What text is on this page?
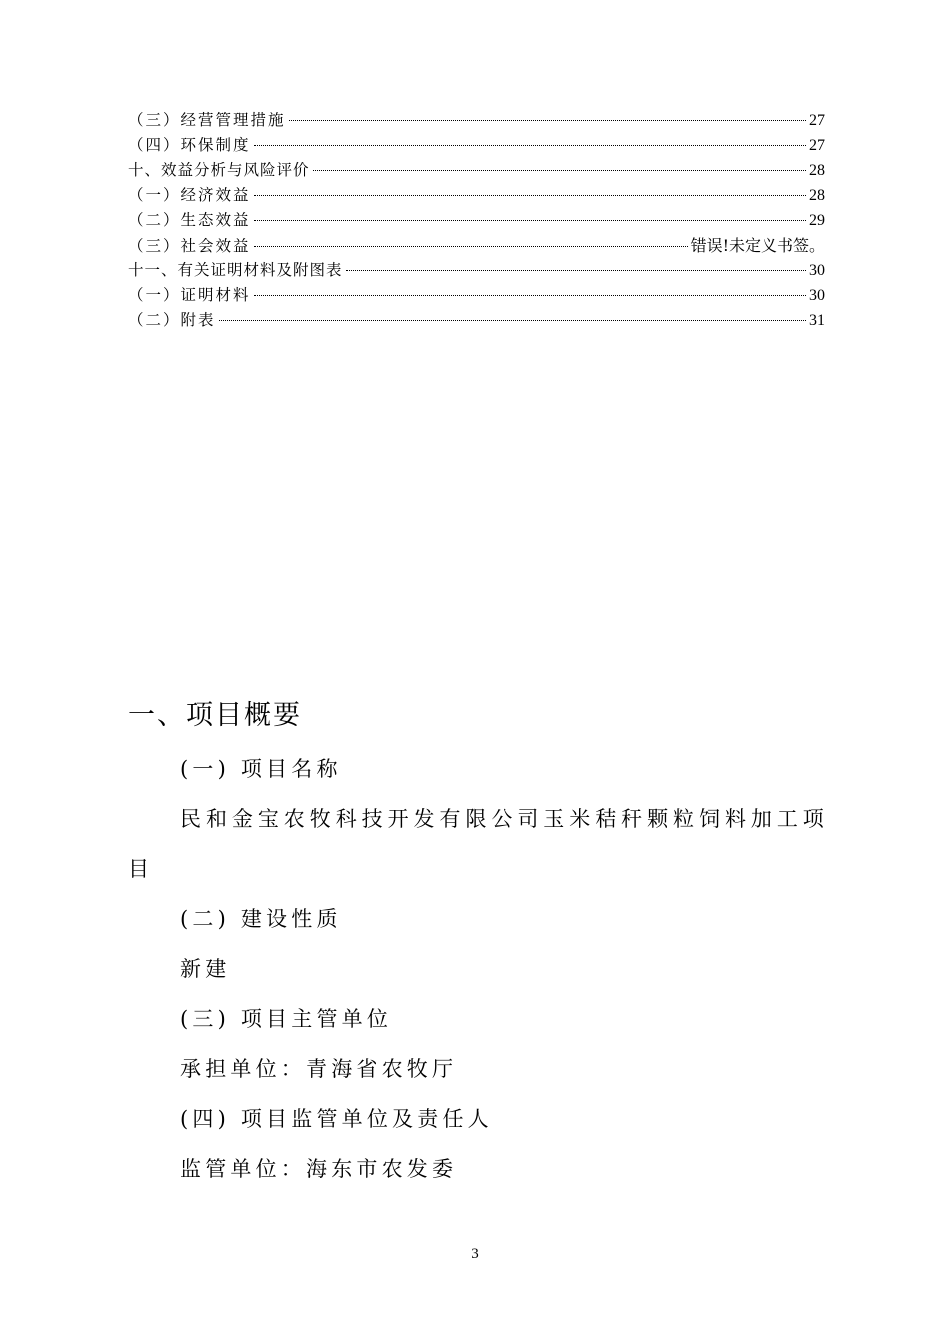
（三）经营管理措施	27
（四）环保制度	27
十、效益分析与风险评价	28
（一）经济效益	28
（二）生态效益	29
（三）社会效益	错误!未定义书签。
十一、有关证明材料及附图表	30
（一）证明材料	30
（二）附表	31
一、项目概要

(一) 项目名称

民和金宝农牧科技开发有限公司玉米秸秆颗粒饲料加工项目

(二) 建设性质

新建

(三) 项目主管单位

承担单位：青海省农牧厅

(四) 项目监管单位及责任人

监管单位：海东市农发委

3
